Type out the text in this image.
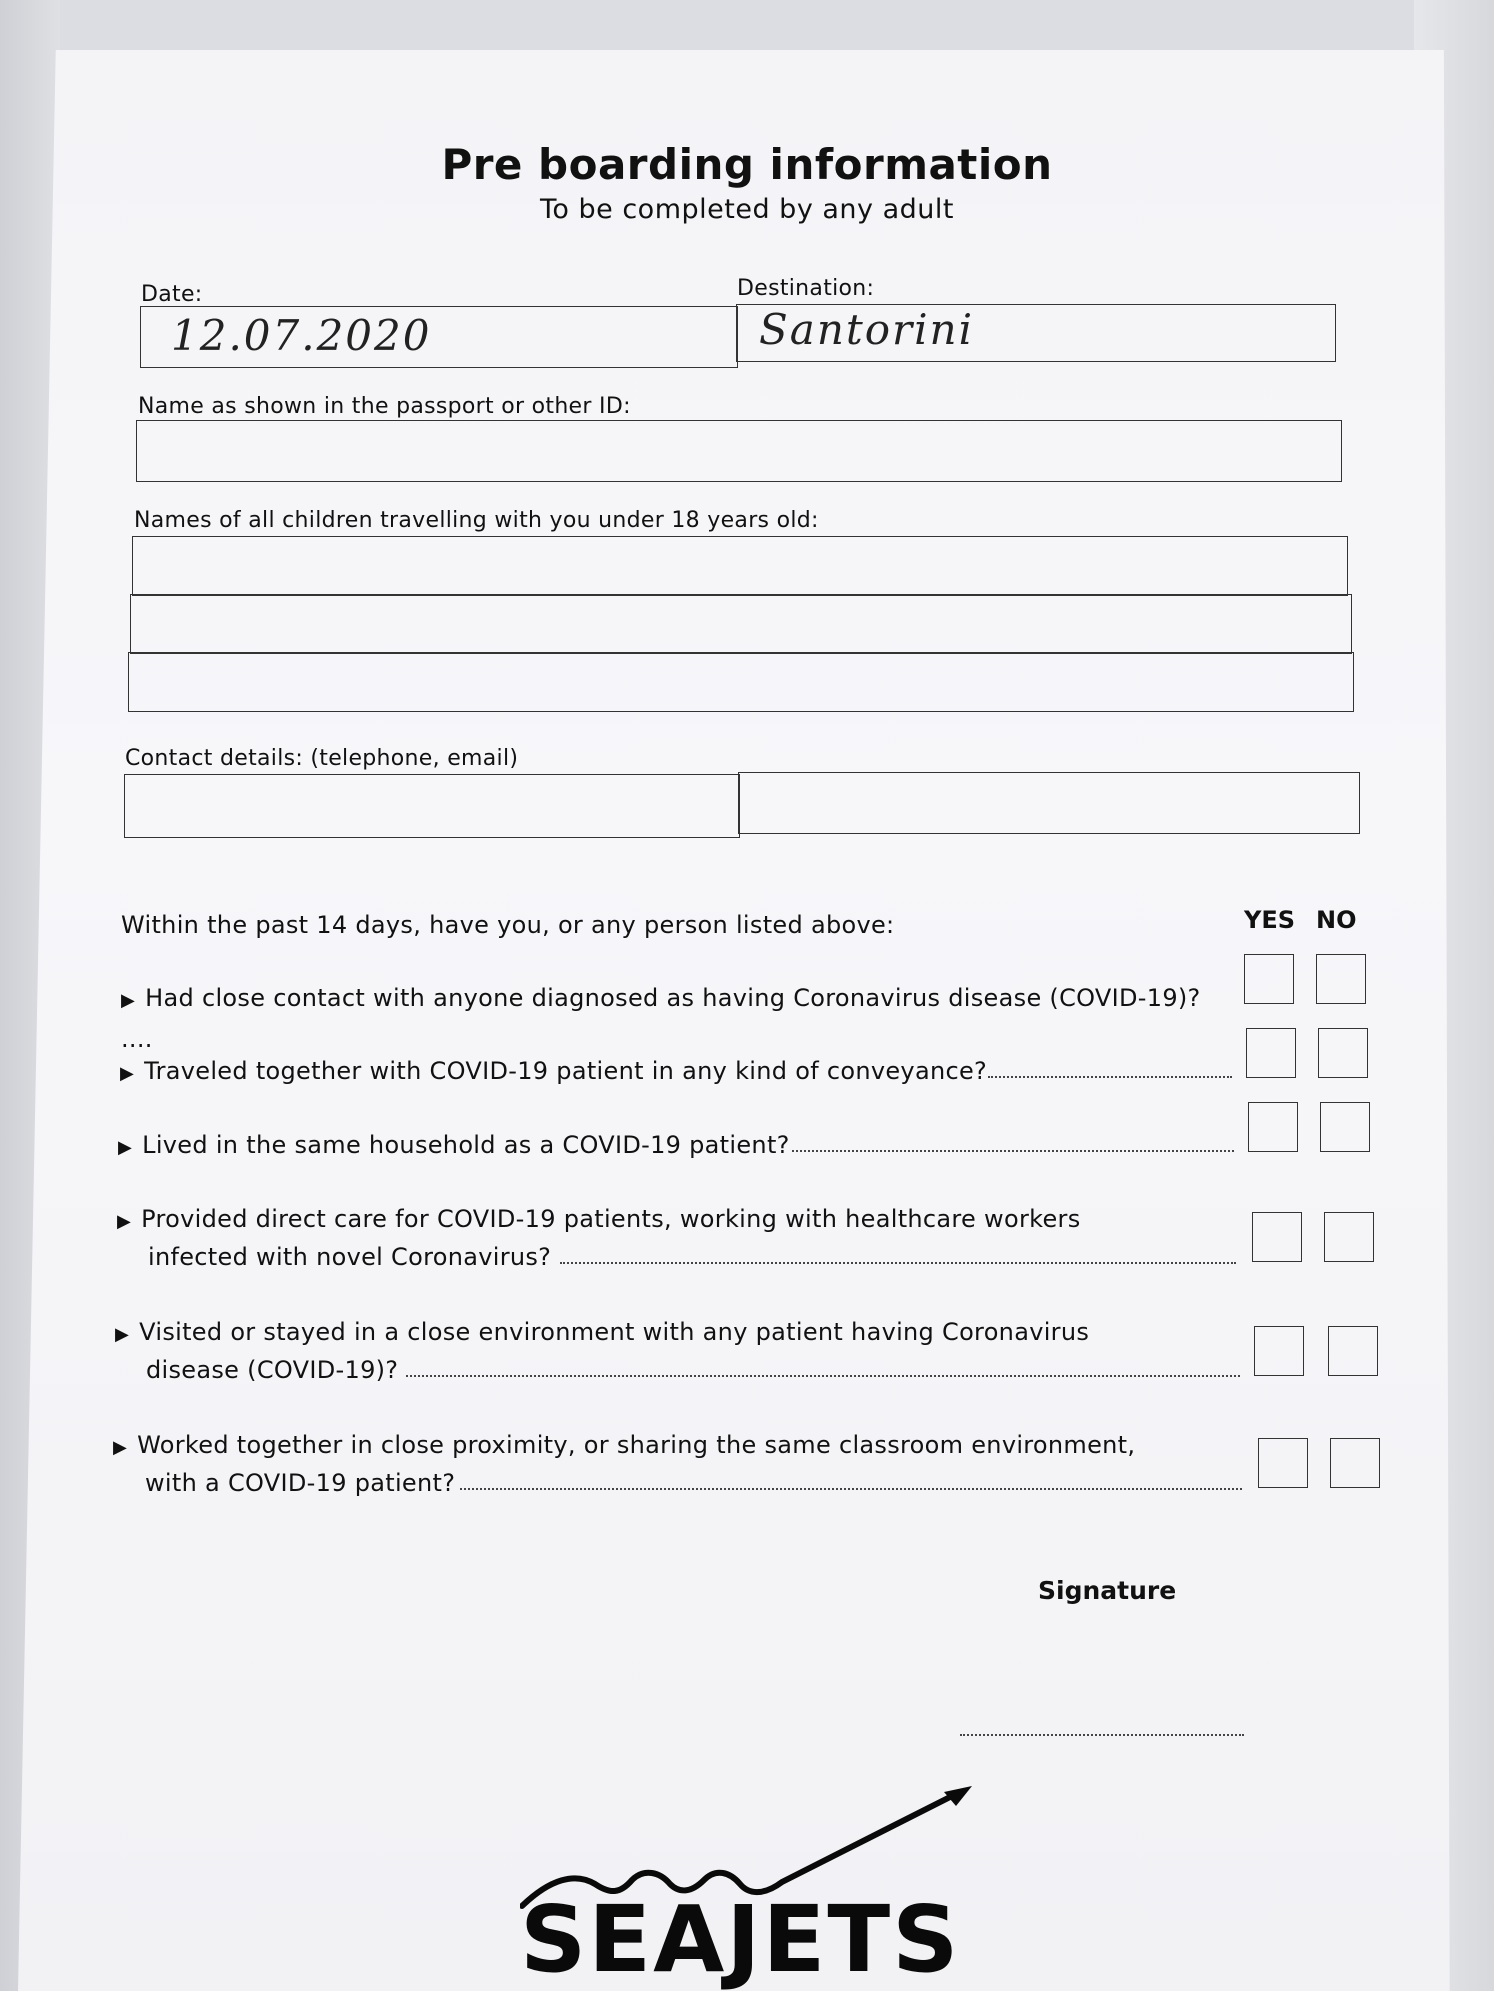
Pre boarding information
To be completed by any adult
Date:	Destination:
12.07.2020	Santorini
Name as shown in the passport or other ID:
Names of all children travelling with you under 18 years old:
Contact details: (telephone, email)
Within the past 14 days, have you, or any person listed above:	YES NO
▶ Had close contact with anyone diagnosed as having Coronavirus disease (COVID-19)? ....
▶ Traveled together with COVID-19 patient in any kind of conveyance?
▶ Lived in the same household as a COVID-19 patient?
▶ Provided direct care for COVID-19 patients, working with healthcare workers
infected with novel Coronavirus?
▶ Visited or stayed in a close environment with any patient having Coronavirus
disease (COVID-19)?
▶ Worked together in close proximity, or sharing the same classroom environment,
with a COVID-19 patient?
Signature
SEAJETS
